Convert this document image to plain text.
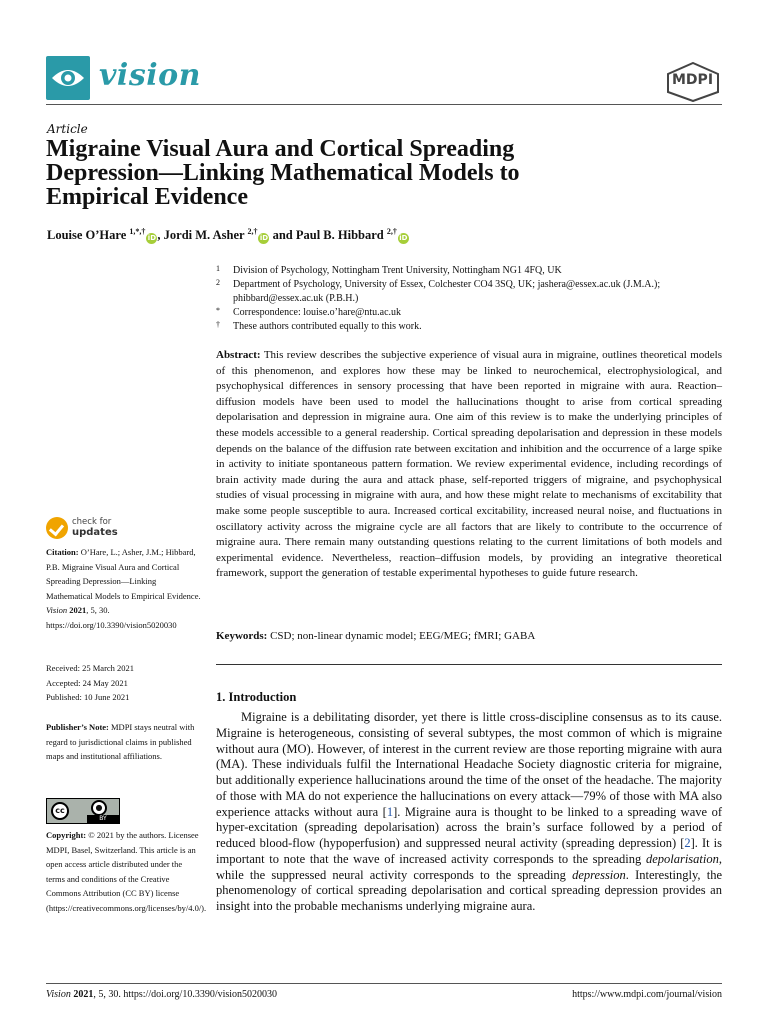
vision	MDPI
Article
Migraine Visual Aura and Cortical Spreading Depression—Linking Mathematical Models to Empirical Evidence
Louise O’Hare $^{1,*,\dagger}$iD, Jordi M. Asher $^{2,\dagger}$iD and Paul B. Hibbard $^{2,\dagger}$iD
1 Division of Psychology, Nottingham Trent University, Nottingham NG1 4FQ, UK
2 Department of Psychology, University of Essex, Colchester CO4 3SQ, UK; jashera@essex.ac.uk (J.M.A.); phibbard@essex.ac.uk (P.B.H.)
* Correspondence: louise.o’hare@ntu.ac.uk
† These authors contributed equally to this work.
Abstract: This review describes the subjective experience of visual aura in migraine, outlines theoretical models of this phenomenon, and explores how these may be linked to neurochemical, electrophysiological, and psychophysical differences in sensory processing that have been reported in migraine with aura. Reaction–diffusion models have been used to model the hallucinations thought to arise from cortical spreading depolarisation and depression in migraine aura. One aim of this review is to make the underlying principles of these models accessible to a general readership. Cortical spreading depolarisation and depression in these models depends on the balance of the diffusion rate between excitation and inhibition and the occurrence of a large spike in activity to initiate spontaneous pattern formation. We review experimental evidence, including recordings of brain activity made during the aura and attack phase, self-reported triggers of migraine, and psychophysical studies of visual processing in migraine with aura, and how these might relate to mechanisms of excitability that make some people susceptible to aura. Increased cortical excitability, increased neural noise, and fluctuations in oscillatory activity across the migraine cycle are all factors that are likely to contribute to the occurrence of migraine aura. There remain many outstanding questions relating to the current limitations of both models and experimental evidence. Nevertheless, reaction–diffusion models, by providing an integrative theoretical framework, support the generation of testable experimental hypotheses to guide future research.
Keywords: CSD; non-linear dynamic model; EEG/MEG; fMRI; GABA
1. Introduction
  Migraine is a debilitating disorder, yet there is little cross-discipline consensus as to its cause. Migraine is heterogeneous, consisting of several subtypes, the most common of which is migraine without aura (MO). However, of interest in the current review are those reporting migraine with aura (MA). These individuals fulfil the International Headache Society diagnostic criteria for migraine, but additionally experience hallucinations around the time of the onset of the headache. The majority of those with MA do not experience the hallucinations on every attack—79% of those with MA also experience attacks without aura [1]. Migraine aura is thought to be linked to a spreading wave of hyper-excitation (spreading depolarisation) across the brain’s surface followed by a period of reduced blood-flow (hypoperfusion) and suppressed neural activity (spreading depression) [2]. It is important to note that the wave of increased activity corresponds to the spreading depolarisation, while the suppressed neural activity corresponds to the spreading depression. Interestingly, the phenomenology of cortical spreading depolarisation and cortical spreading depression provides an insight into the probable mechanisms underlying migraine aura.
check for
updates
Citation: O’Hare, L.; Asher, J.M.; Hibbard, P.B. Migraine Visual Aura and Cortical Spreading Depression—Linking Mathematical Models to Empirical Evidence. Vision 2021, 5, 30. https://doi.org/10.3390/vision5020030
Received: 25 March 2021
Accepted: 24 May 2021
Published: 10 June 2021
Publisher’s Note: MDPI stays neutral with regard to jurisdictional claims in published maps and institutional affiliations.
cc	●
BY
Copyright: © 2021 by the authors. Licensee MDPI, Basel, Switzerland. This article is an open access article distributed under the terms and conditions of the Creative Commons Attribution (CC BY) license (https://creativecommons.org/licenses/by/4.0/).
Vision 2021, 5, 30. https://doi.org/10.3390/vision5020030	https://www.mdpi.com/journal/vision
